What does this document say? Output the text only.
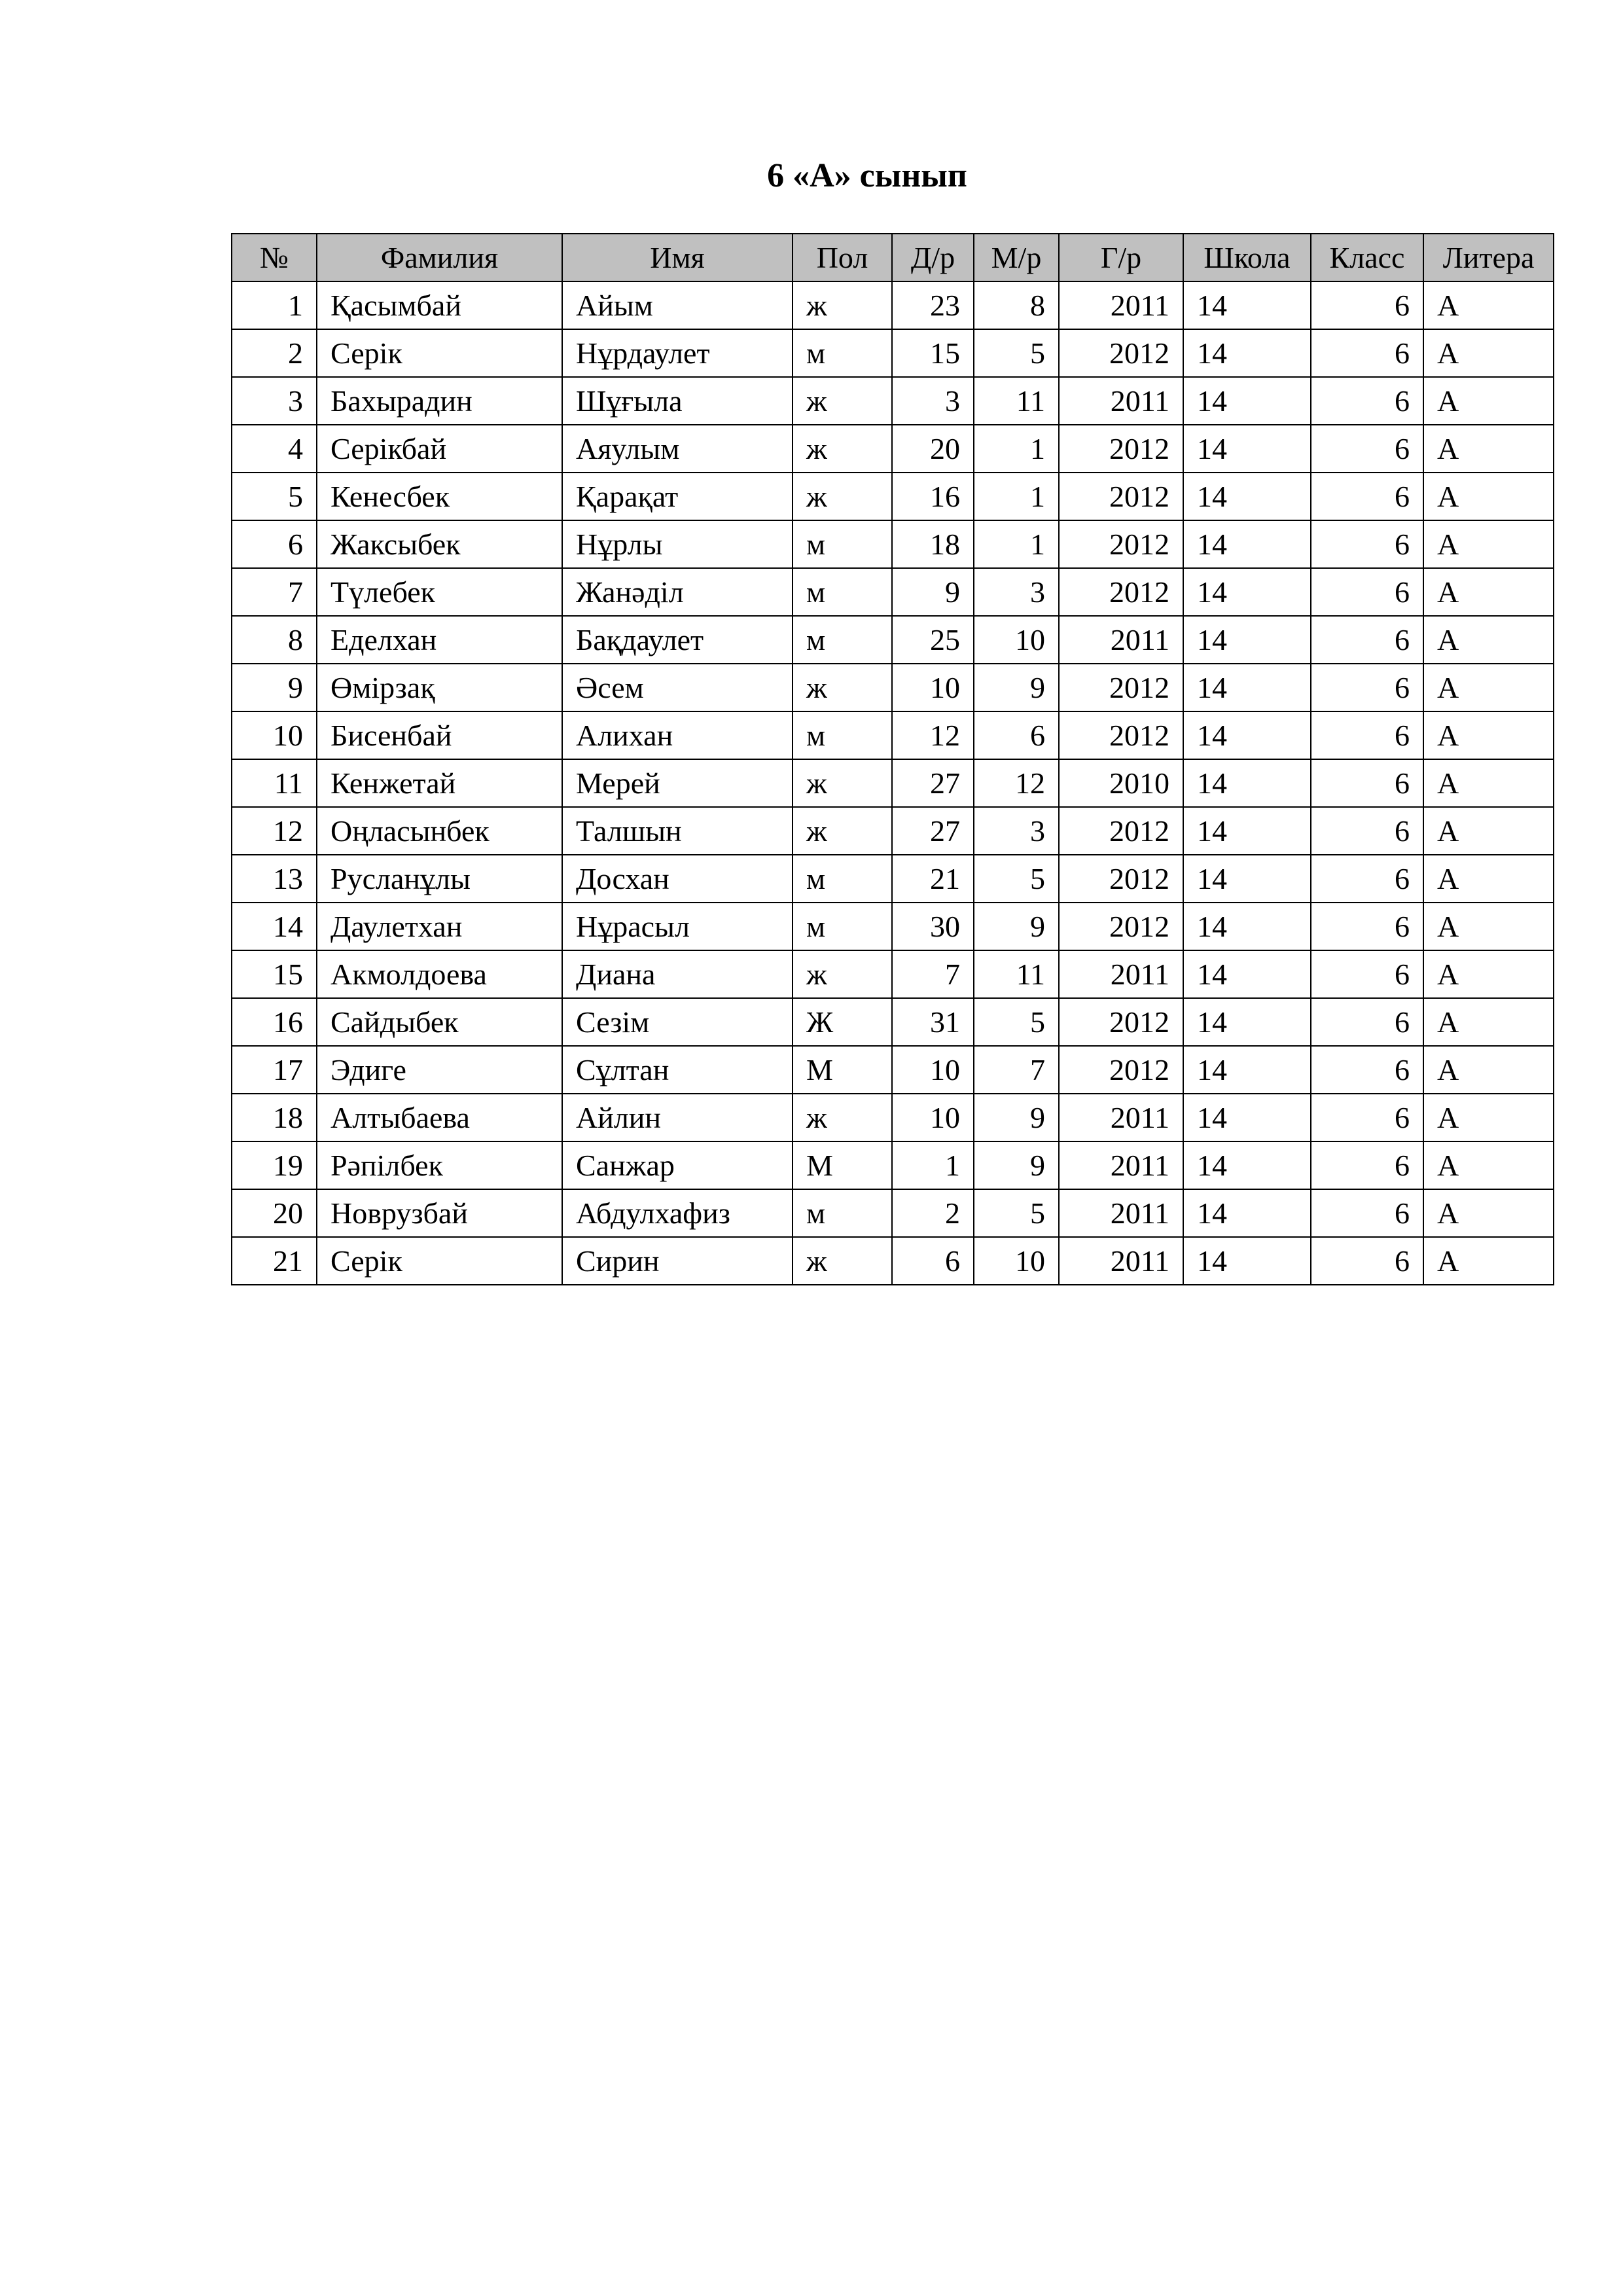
6 «А» сынып
№	Фамилия	Имя	Пол	Д/р	М/р	Г/р	Школа	Класс	Литера
1	Қасымбай	Айым	ж	23	8	2011	14	6	А
2	Серік	Нұрдаулет	м	15	5	2012	14	6	А
3	Бахырадин	Шұғыла	ж	3	11	2011	14	6	А
4	Серікбай	Аяулым	ж	20	1	2012	14	6	А
5	Кенесбек	Қарақат	ж	16	1	2012	14	6	А
6	Жаксыбек	Нұрлы	м	18	1	2012	14	6	А
7	Түлебек	Жанәділ	м	9	3	2012	14	6	А
8	Еделхан	Бақдаулет	м	25	10	2011	14	6	А
9	Өмірзақ	Әсем	ж	10	9	2012	14	6	А
10	Бисенбай	Алихан	м	12	6	2012	14	6	А
11	Кенжетай	Мерей	ж	27	12	2010	14	6	А
12	Оңласынбек	Талшын	ж	27	3	2012	14	6	А
13	Русланұлы	Досхан	м	21	5	2012	14	6	А
14	Даулетхан	Нұрасыл	м	30	9	2012	14	6	А
15	Акмолдоева	Диана	ж	7	11	2011	14	6	А
16	Сайдыбек	Сезім	Ж	31	5	2012	14	6	А
17	Эдиге	Сұлтан	М	10	7	2012	14	6	А
18	Алтыбаева	Айлин	ж	10	9	2011	14	6	А
19	Рәпілбек	Санжар	М	1	9	2011	14	6	А
20	Новрузбай	Абдулхафиз	м	2	5	2011	14	6	А
21	Серік	Сирин	ж	6	10	2011	14	6	А
